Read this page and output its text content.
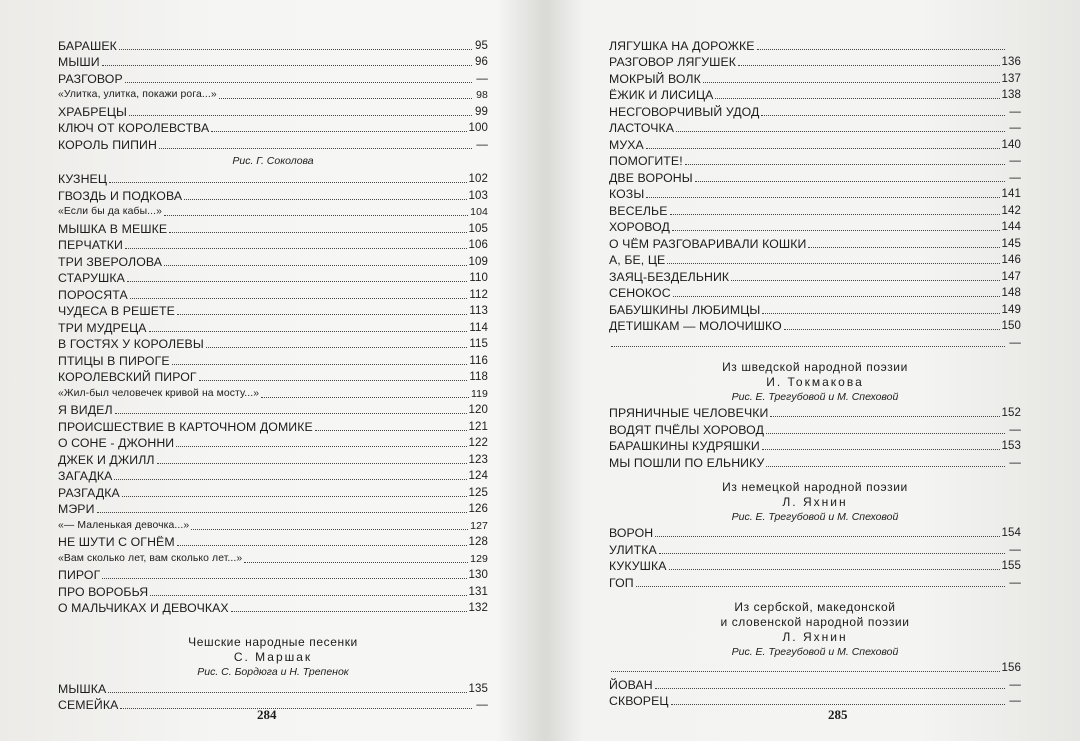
БАРАШЕК	95
МЫШИ	96
РАЗГОВОР	—
«Улитка, улитка, покажи рога...»	98
ХРАБРЕЦЫ	99
КЛЮЧ ОТ КОРОЛЕВСТВА	100
КОРОЛЬ ПИПИН	—
Рис. Г. Соколова
КУЗНЕЦ	102
ГВОЗДЬ И ПОДКОВА	103
«Если бы да кабы...»	104
МЫШКА В МЕШКЕ	105
ПЕРЧАТКИ	106
ТРИ ЗВЕРОЛОВА	109
СТАРУШКА	110
ПОРОСЯТА	112
ЧУДЕСА В РЕШЕТЕ	113
ТРИ МУДРЕЦА	114
В ГОСТЯХ У КОРОЛЕВЫ	115
ПТИЦЫ В ПИРОГЕ	116
КОРОЛЕВСКИЙ ПИРОГ	118
«Жил-был человечек кривой на мосту...»	119
Я ВИДЕЛ	120
ПРОИСШЕСТВИЕ В КАРТОЧНОМ ДОМИКЕ	121
О СОНЕ - ДЖОННИ	122
ДЖЕК И ДЖИЛЛ	123
ЗАГАДКА	124
РАЗГАДКА	125
МЭРИ	126
«— Маленькая девочка...»	127
НЕ ШУТИ С ОГНЁМ	128
«Вам сколько лет, вам сколько лет...»	129
ПИРОГ	130
ПРО ВОРОБЬЯ	131
О МАЛЬЧИКАХ И ДЕВОЧКАХ	132
Чешские народные песенки
С. Маршак
Рис. С. Бордюга и Н. Трепенок
МЫШКА	135
СЕМЕЙКА	—
284
ЛЯГУШКА НА ДОРОЖКЕ
РАЗГОВОР ЛЯГУШЕК	136
МОКРЫЙ ВОЛК	137
ЁЖИК И ЛИСИЦА	138
НЕСГОВОРЧИВЫЙ УДОД	—
ЛАСТОЧКА	—
МУХА	140
ПОМОГИТЕ!	—
ДВЕ ВОРОНЫ	—
КОЗЫ	141
ВЕСЕЛЬЕ	142
ХОРОВОД	144
О ЧЁМ РАЗГОВАРИВАЛИ КОШКИ	145
А, БЕ, ЦЕ	146
ЗАЯЦ-БЕЗДЕЛЬНИК	147
СЕНОКОС	148
БАБУШКИНЫ ЛЮБИМЦЫ	149
ДЕТИШКАМ — МОЛОЧИШКО	150
—
Из шведской народной поэзии
И. Токмакова
Рис. Е. Трегубовой и М. Спеховой
ПРЯНИЧНЫЕ ЧЕЛОВЕЧКИ	152
ВОДЯТ ПЧЁЛЫ ХОРОВОД	—
БАРАШКИНЫ КУДРЯШКИ	153
МЫ ПОШЛИ ПО ЕЛЬНИКУ	—
Из немецкой народной поэзии
Л. Яхнин
Рис. Е. Трегубовой и М. Спеховой
ВОРОН	154
УЛИТКА	—
КУКУШКА	155
ГОП	—
Из сербской, македонской
и словенской народной поэзии
Л. Яхнин
Рис. Е. Трегубовой и М. Спеховой
156
ЙОВАН	—
СКВОРЕЦ	—
285
